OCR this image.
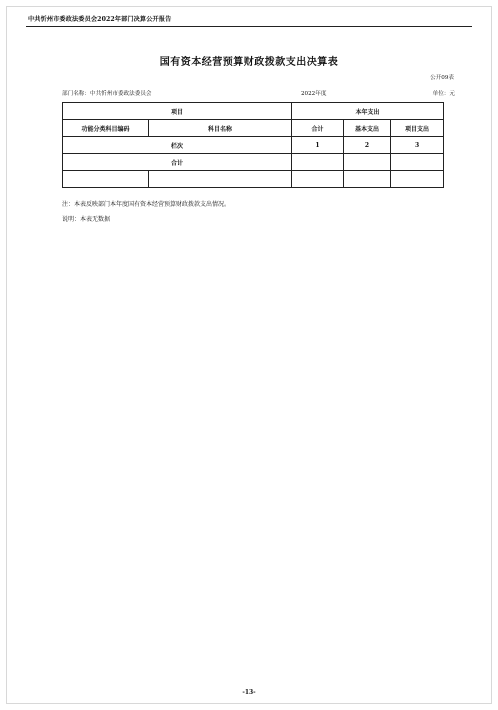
中共忻州市委政法委员会2022年部门决算公开报告
国有资本经营预算财政拨款支出决算表
公开09表
部门名称：中共忻州市委政法委员会	2022年度	单位：元
项目		本年支出		
功能分类科目编码	科目名称	合计	基本支出	项目支出
栏次		1	2	3
合计				

注：本表反映部门本年度国有资本经营预算财政拨款支出情况。
说明：本表无数据
-13-
